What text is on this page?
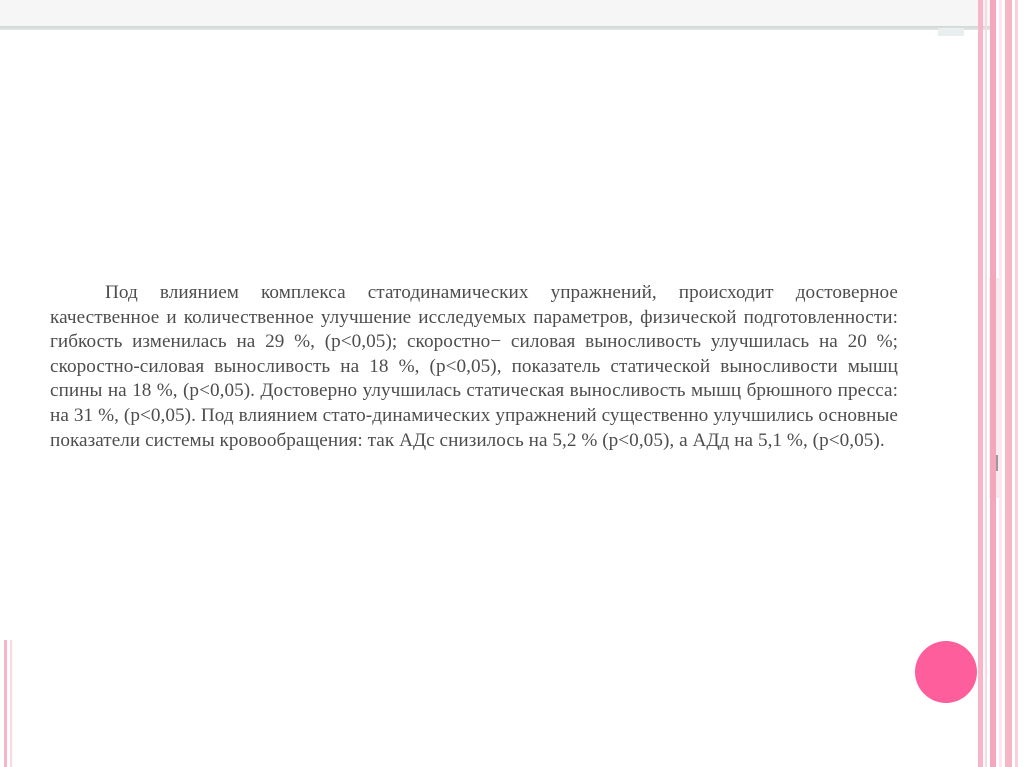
Под влиянием комплекса статодинамических упражнений, происходит достоверное качественное и количественное улучшение исследуемых параметров, физической подготовленности: гибкость изменилась на 29 %, (p<0,05); скоростно− силовая выносливость улучшилась на 20 %; скоростно-силовая выносливость на 18 %, (p<0,05), показатель статической выносливости мышц спины на 18 %, (p<0,05). Достоверно улучшилась статическая выносливость мышц брюшного пресса: на 31 %, (p<0,05). Под влиянием стато-динамических упражнений существенно улучшились основные показатели системы кровообращения: так АДс снизилось на 5,2 % (p<0,05), а АДд на 5,1 %, (p<0,05).
